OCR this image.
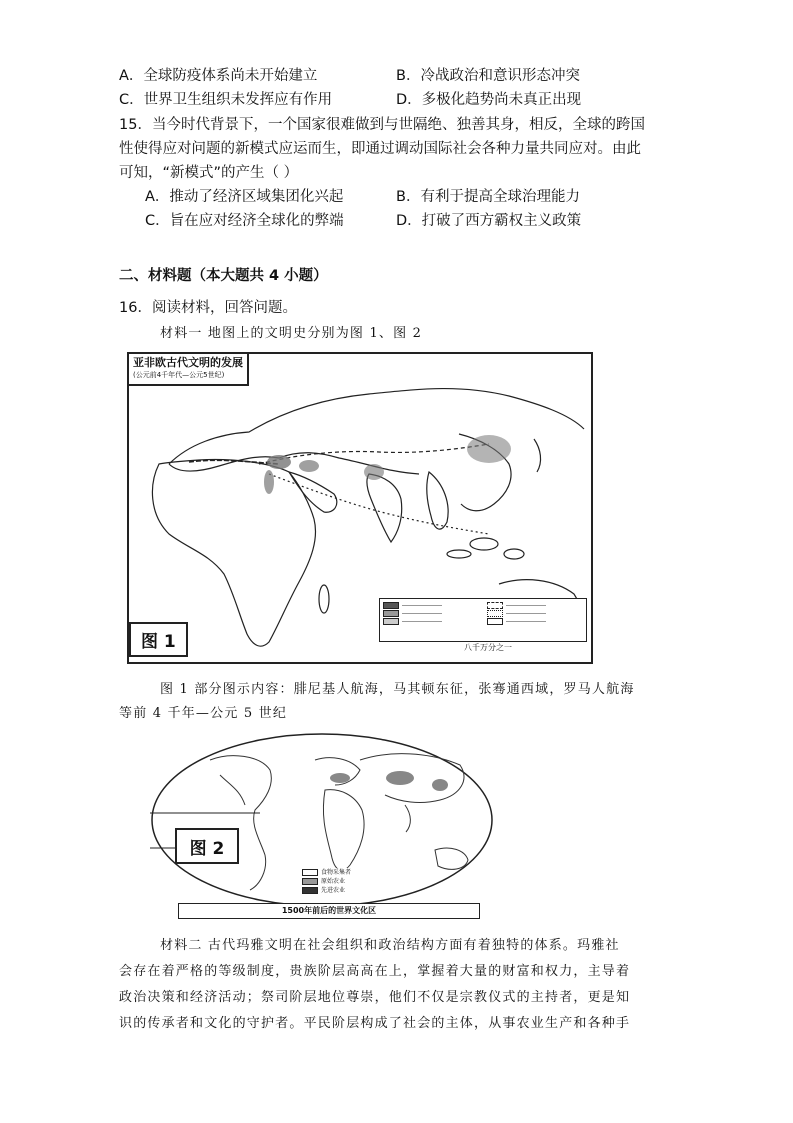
A．全球防疫体系尚未开始建立	B．冷战政治和意识形态冲突
C．世界卫生组织未发挥应有作用	D．多极化趋势尚未真正出现
15．当今时代背景下，一个国家很难做到与世隔绝、独善其身，相反，全球的跨国
性使得应对问题的新模式应运而生，即通过调动国际社会各种力量共同应对。由此
可知，“新模式”的产生（ ）
A．推动了经济区域集团化兴起	B．有利于提高全球治理能力
C．旨在应对经济全球化的弊端	D．打破了西方霸权主义政策
二、材料题（本大题共 4 小题）
16．阅读材料，回答问题。
材料一 地图上的文明史分别为图 1、图 2
亚非欧古代文明的发展
(公元前4千年代—公元5世纪)
八千万分之一
图 1
图 1 部分图示内容：腓尼基人航海，马其顿东征，张骞通西域，罗马人航海
等前 4 千年—公元 5 世纪
图 2
食物采集者
原始农业
先进农业
1500年前后的世界文化区
材料二 古代玛雅文明在社会组织和政治结构方面有着独特的体系。玛雅社
会存在着严格的等级制度，贵族阶层高高在上，掌握着大量的财富和权力，主导着
政治决策和经济活动；祭司阶层地位尊崇，他们不仅是宗教仪式的主持者，更是知
识的传承者和文化的守护者。平民阶层构成了社会的主体，从事农业生产和各种手
